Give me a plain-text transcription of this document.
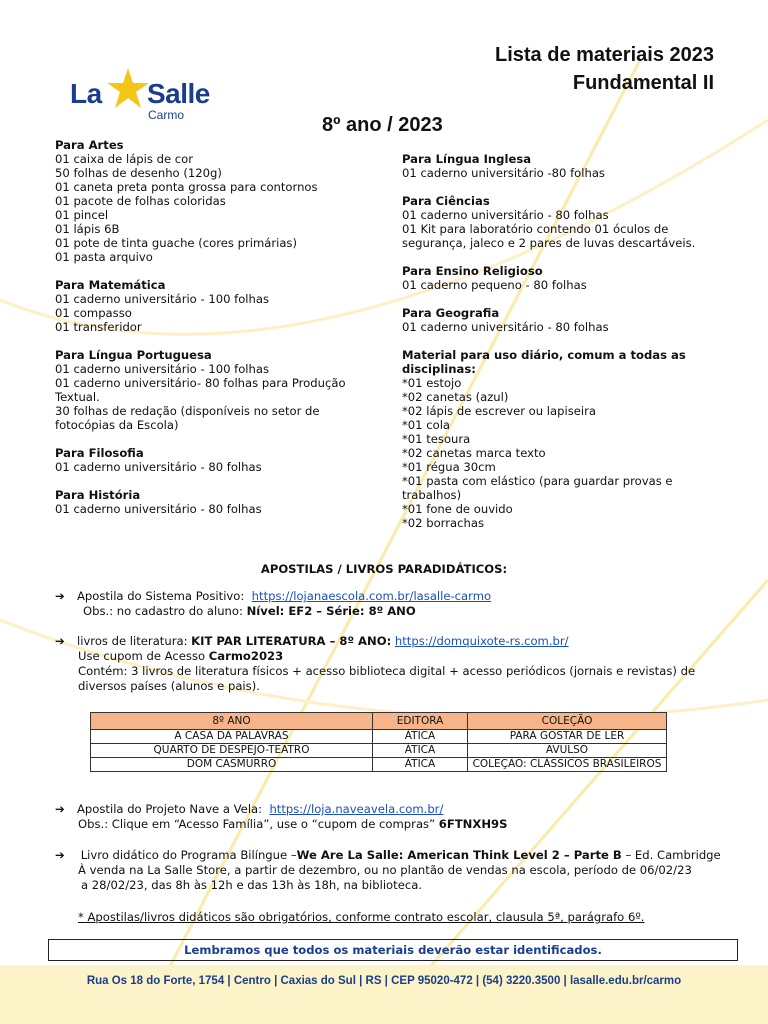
La Salle
Carmo
Lista de materiais 2023
Fundamental II
8º ano / 2023
Para Artes
01 caixa de lápis de cor
50 folhas de desenho (120g)
01 caneta preta ponta grossa para contornos
01 pacote de folhas coloridas
01 pincel
01 lápis 6B
01 pote de tinta guache (cores primárias)
01 pasta arquivo
Para Matemática
01 caderno universitário - 100 folhas
01 compasso
01 transferidor
Para Língua Portuguesa
01 caderno universitário - 100 folhas
01 caderno universitário- 80 folhas para Produção Textual.
30 folhas de redação (disponíveis no setor de fotocópias da Escola)
Para Filosofia
01 caderno universitário - 80 folhas
Para História
01 caderno universitário - 80 folhas
Para Língua Inglesa
01 caderno universitário -80 folhas
Para Ciências
01 caderno universitário - 80 folhas
01 Kit para laboratório contendo 01 óculos de segurança, jaleco e 2 pares de luvas descartáveis.
Para Ensino Religioso
01 caderno pequeno - 80 folhas
Para Geografia
01 caderno universitário - 80 folhas
Material para uso diário, comum a todas as disciplinas:
*01 estojo
*02 canetas (azul)
*02 lápis de escrever ou lapiseira
*01 cola
*01 tesoura
*02 canetas marca texto
*01 régua 30cm
*01 pasta com elástico (para guardar provas e trabalhos)
*01 fone de ouvido
*02 borrachas
APOSTILAS / LIVROS PARADIDÁTICOS:
➔ Apostila do Sistema Positivo: https://lojanaescola.com.br/lasalle-carmo
Obs.: no cadastro do aluno: Nível: EF2 – Série: 8º ANO
➔ livros de literatura: KIT PAR LITERATURA – 8º ANO: https://domquixote-rs.com.br/
Use cupom de Acesso Carmo2023
Contém: 3 livros de literatura físicos + acesso biblioteca digital + acesso periódicos (jornais e revistas) de diversos países (alunos e pais).
8º ANO	EDITORA	COLEÇÃO
A CASA DA PALAVRAS	ÁTICA	PARA GOSTAR DE LER
QUARTO DE DESPEJO-TEATRO	ÁTICA	AVULSO
DOM CASMURRO	ÁTICA	COLEÇÃO: CLÁSSICOS BRASILEIROS
➔ Apostila do Projeto Nave a Vela: https://loja.naveavela.com.br/
Obs.: Clique em “Acesso Família”, use o “cupom de compras” 6FTNXH9S
➔ Livro didático do Programa Bilíngue –We Are La Salle: American Think Level 2 – Parte B – Ed. Cambridge
À venda na La Salle Store, a partir de dezembro, ou no plantão de vendas na escola, período de 06/02/23
a 28/02/23, das 8h às 12h e das 13h às 18h, na biblioteca.
* Apostilas/livros didáticos são obrigatórios, conforme contrato escolar, clausula 5ª, parágrafo 6º.
Lembramos que todos os materiais deverão estar identificados.
Rua Os 18 do Forte, 1754 | Centro | Caxias do Sul | RS | CEP 95020-472 | (54) 3220.3500 | lasalle.edu.br/carmo
